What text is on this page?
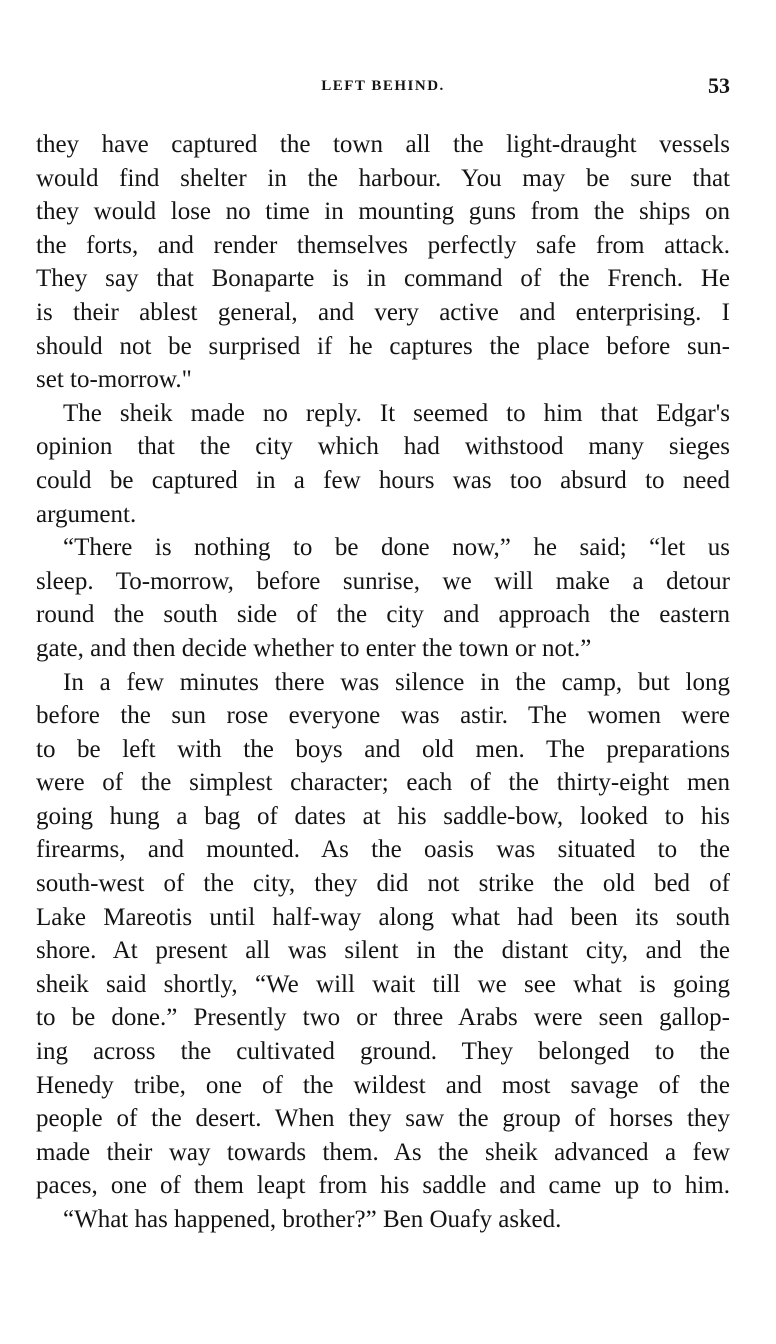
LEFT BEHIND.	53
they have captured the town all the light-draught vessels
would find shelter in the harbour. You may be sure that
they would lose no time in mounting guns from the ships on
the forts, and render themselves perfectly safe from attack.
They say that Bonaparte is in command of the French. He
is their ablest general, and very active and enterprising. I
should not be surprised if he captures the place before sun-
set to-morrow."
The sheik made no reply. It seemed to him that Edgar's
opinion that the city which had withstood many sieges
could be captured in a few hours was too absurd to need
argument.
“There is nothing to be done now,” he said; “let us
sleep. To-morrow, before sunrise, we will make a detour
round the south side of the city and approach the eastern
gate, and then decide whether to enter the town or not.”
In a few minutes there was silence in the camp, but long
before the sun rose everyone was astir. The women were
to be left with the boys and old men. The preparations
were of the simplest character; each of the thirty-eight men
going hung a bag of dates at his saddle-bow, looked to his
firearms, and mounted. As the oasis was situated to the
south-west of the city, they did not strike the old bed of
Lake Mareotis until half-way along what had been its south
shore. At present all was silent in the distant city, and the
sheik said shortly, “We will wait till we see what is going
to be done.” Presently two or three Arabs were seen gallop-
ing across the cultivated ground. They belonged to the
Henedy tribe, one of the wildest and most savage of the
people of the desert. When they saw the group of horses they
made their way towards them. As the sheik advanced a few
paces, one of them leapt from his saddle and came up to him.
“What has happened, brother?” Ben Ouafy asked.
